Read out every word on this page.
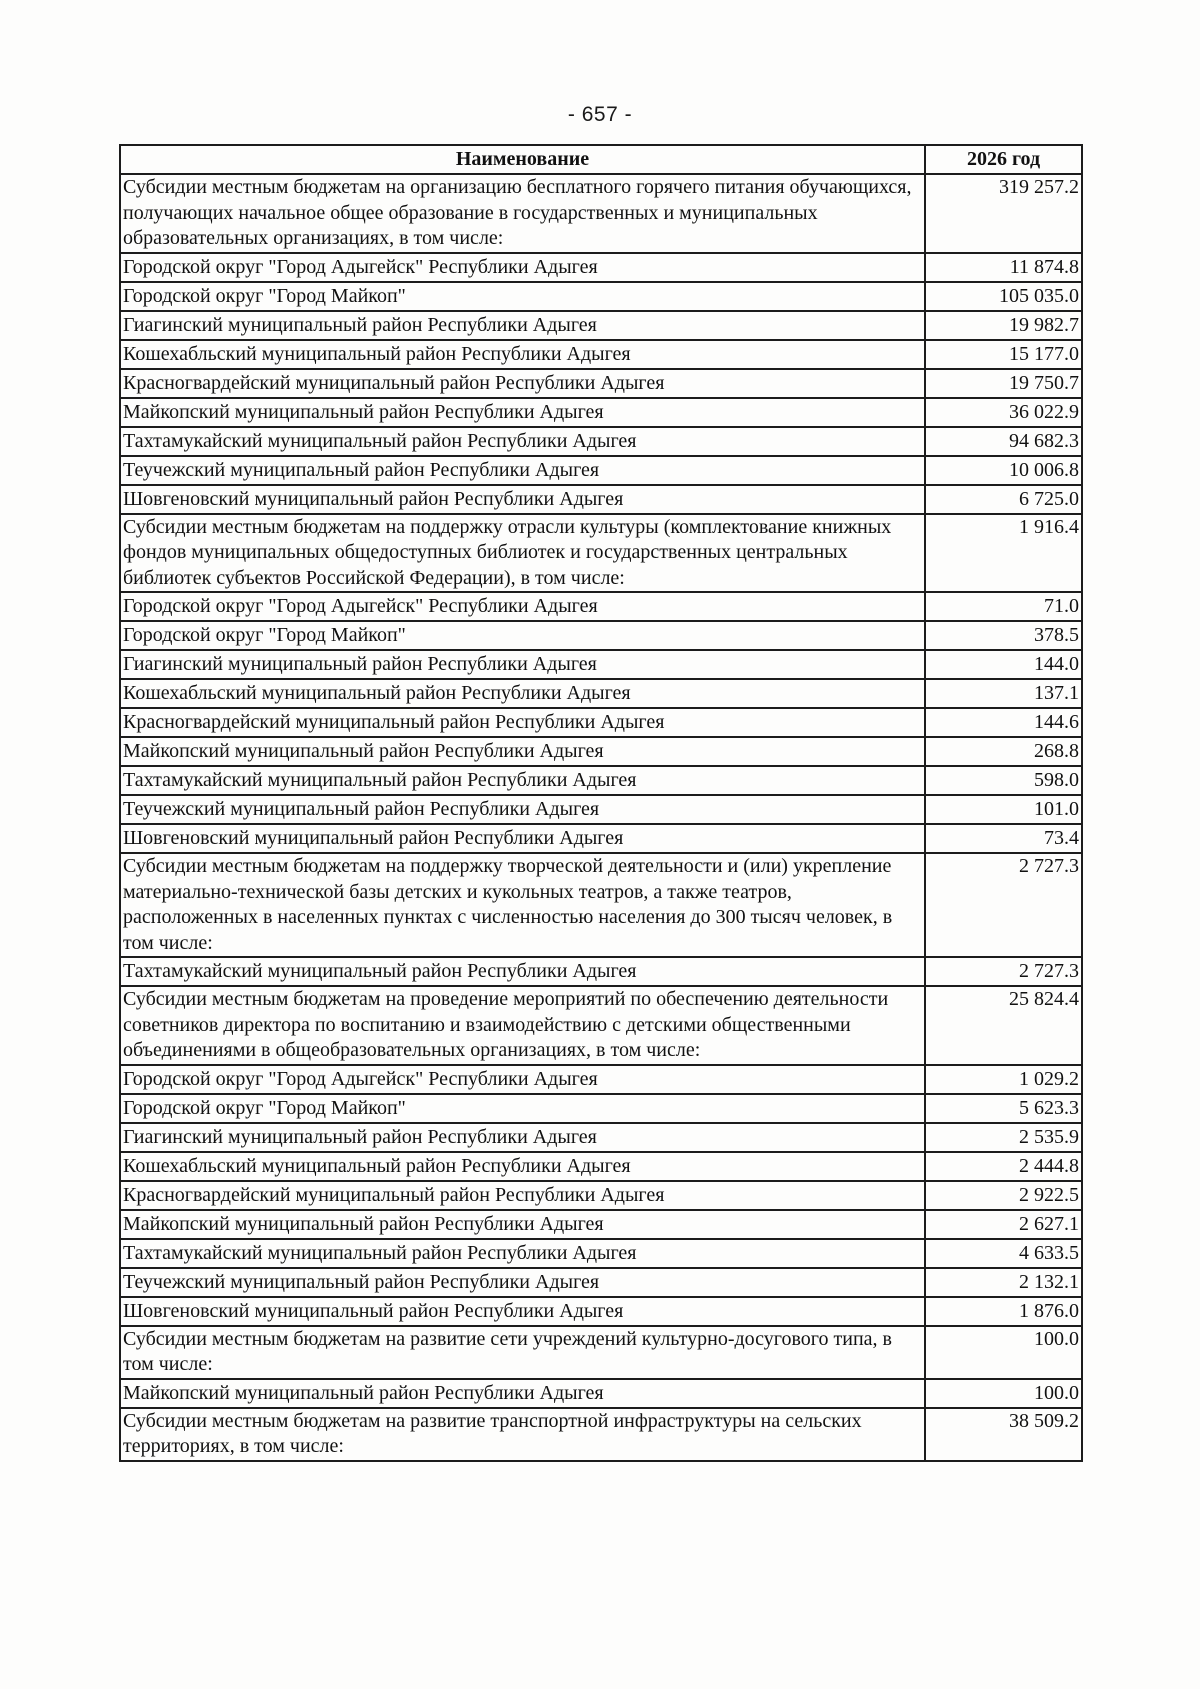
- 657 -
Наименование	2026 год
Субсидии местным бюджетам на организацию бесплатного горячего питания обучающихся, получающих начальное общее образование в государственных и муниципальных образовательных организациях, в том числе:	319 257.2
Городской округ "Город Адыгейск" Республики Адыгея	11 874.8
Городской округ "Город Майкоп"	105 035.0
Гиагинский муниципальный район Республики Адыгея	19 982.7
Кошехабльский муниципальный район Республики Адыгея	15 177.0
Красногвардейский муниципальный район Республики Адыгея	19 750.7
Майкопский муниципальный район Республики Адыгея	36 022.9
Тахтамукайский муниципальный район Республики Адыгея	94 682.3
Теучежский муниципальный район Республики Адыгея	10 006.8
Шовгеновский муниципальный район Республики Адыгея	6 725.0
Субсидии местным бюджетам на поддержку отрасли культуры (комплектование книжных фондов муниципальных общедоступных библиотек и государственных центральных библиотек субъектов Российской Федерации), в том числе:	1 916.4
Городской округ "Город Адыгейск" Республики Адыгея	71.0
Городской округ "Город Майкоп"	378.5
Гиагинский муниципальный район Республики Адыгея	144.0
Кошехабльский муниципальный район Республики Адыгея	137.1
Красногвардейский муниципальный район Республики Адыгея	144.6
Майкопский муниципальный район Республики Адыгея	268.8
Тахтамукайский муниципальный район Республики Адыгея	598.0
Теучежский муниципальный район Республики Адыгея	101.0
Шовгеновский муниципальный район Республики Адыгея	73.4
Субсидии местным бюджетам на поддержку творческой деятельности и (или) укрепление материально-технической базы детских и кукольных театров, а также театров, расположенных в населенных пунктах с численностью населения до 300 тысяч человек, в том числе:	2 727.3
Тахтамукайский муниципальный район Республики Адыгея	2 727.3
Субсидии местным бюджетам на проведение мероприятий по обеспечению деятельности советников директора по воспитанию и взаимодействию с детскими общественными объединениями в общеобразовательных организациях, в том числе:	25 824.4
Городской округ "Город Адыгейск" Республики Адыгея	1 029.2
Городской округ "Город Майкоп"	5 623.3
Гиагинский муниципальный район Республики Адыгея	2 535.9
Кошехабльский муниципальный район Республики Адыгея	2 444.8
Красногвардейский муниципальный район Республики Адыгея	2 922.5
Майкопский муниципальный район Республики Адыгея	2 627.1
Тахтамукайский муниципальный район Республики Адыгея	4 633.5
Теучежский муниципальный район Республики Адыгея	2 132.1
Шовгеновский муниципальный район Республики Адыгея	1 876.0
Субсидии местным бюджетам на развитие сети учреждений культурно-досугового типа, в том числе:	100.0
Майкопский муниципальный район Республики Адыгея	100.0
Субсидии местным бюджетам на развитие транспортной инфраструктуры на сельских территориях, в том числе:	38 509.2
